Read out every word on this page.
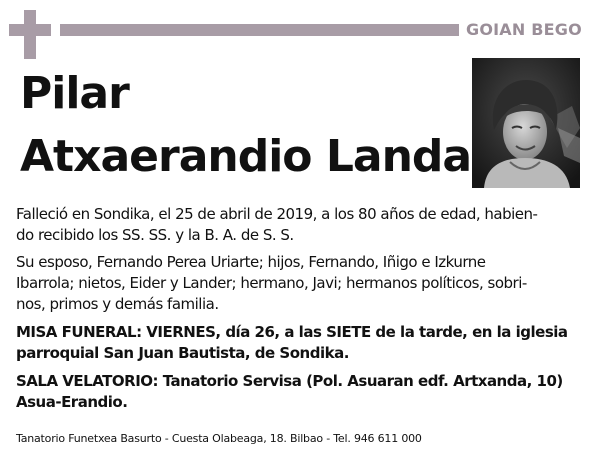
GOIAN BEGO
Pilar
Atxaerandio Landa
Falleció en Sondika, el 25 de abril de 2019, a los 80 años de edad, habien-
do recibido los SS. SS. y la B. A. de S. S.
Su esposo, Fernando Perea Uriarte; hijos, Fernando, Iñigo e Izkurne
Ibarrola; nietos, Eider y Lander; hermano, Javi; hermanos políticos, sobri-
nos, primos y demás familia.
MISA FUNERAL: VIERNES, día 26, a las SIETE de la tarde, en la iglesia
parroquial San Juan Bautista, de Sondika.
SALA VELATORIO: Tanatorio Servisa (Pol. Asuaran edf. Artxanda, 10)
Asua-Erandio.
Tanatorio Funetxea Basurto - Cuesta Olabeaga, 18. Bilbao - Tel. 946 611 000
